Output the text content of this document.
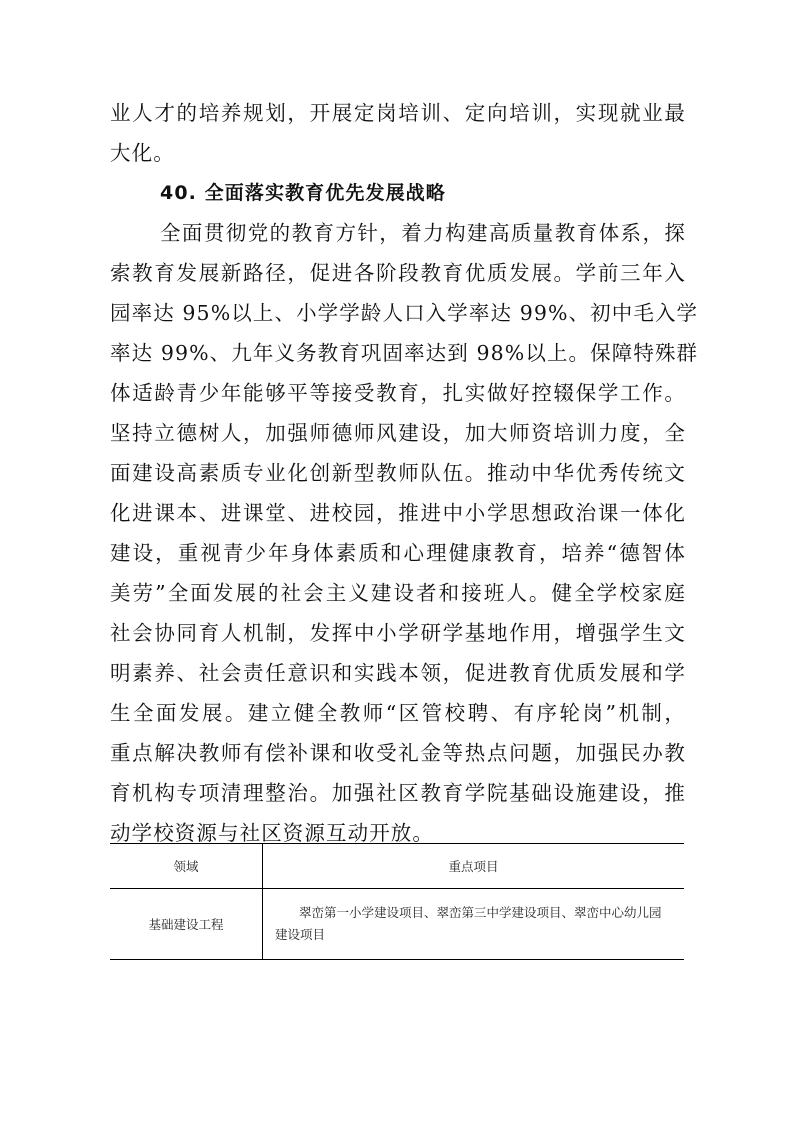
业人才的培养规划，开展定岗培训、定向培训，实现就业最
大化。
40. 全面落实教育优先发展战略
全面贯彻党的教育方针，着力构建高质量教育体系，探
索教育发展新路径，促进各阶段教育优质发展。学前三年入
园率达 95%以上、小学学龄人口入学率达 99%、初中毛入学
率达 99%、九年义务教育巩固率达到 98%以上。保障特殊群
体适龄青少年能够平等接受教育，扎实做好控辍保学工作。
坚持立德树人，加强师德师风建设，加大师资培训力度，全
面建设高素质专业化创新型教师队伍。推动中华优秀传统文
化进课本、进课堂、进校园，推进中小学思想政治课一体化
建设，重视青少年身体素质和心理健康教育，培养“德智体
美劳”全面发展的社会主义建设者和接班人。健全学校家庭
社会协同育人机制，发挥中小学研学基地作用，增强学生文
明素养、社会责任意识和实践本领，促进教育优质发展和学
生全面发展。建立健全教师“区管校聘、有序轮岗”机制，
重点解决教师有偿补课和收受礼金等热点问题，加强民办教
育机构专项清理整治。加强社区教育学院基础设施建设，推
动学校资源与社区资源互动开放。
领域	重点项目
基础建设工程	翠峦第一小学建设项目、翠峦第三中学建设项目、翠峦中心幼儿园建设项目
